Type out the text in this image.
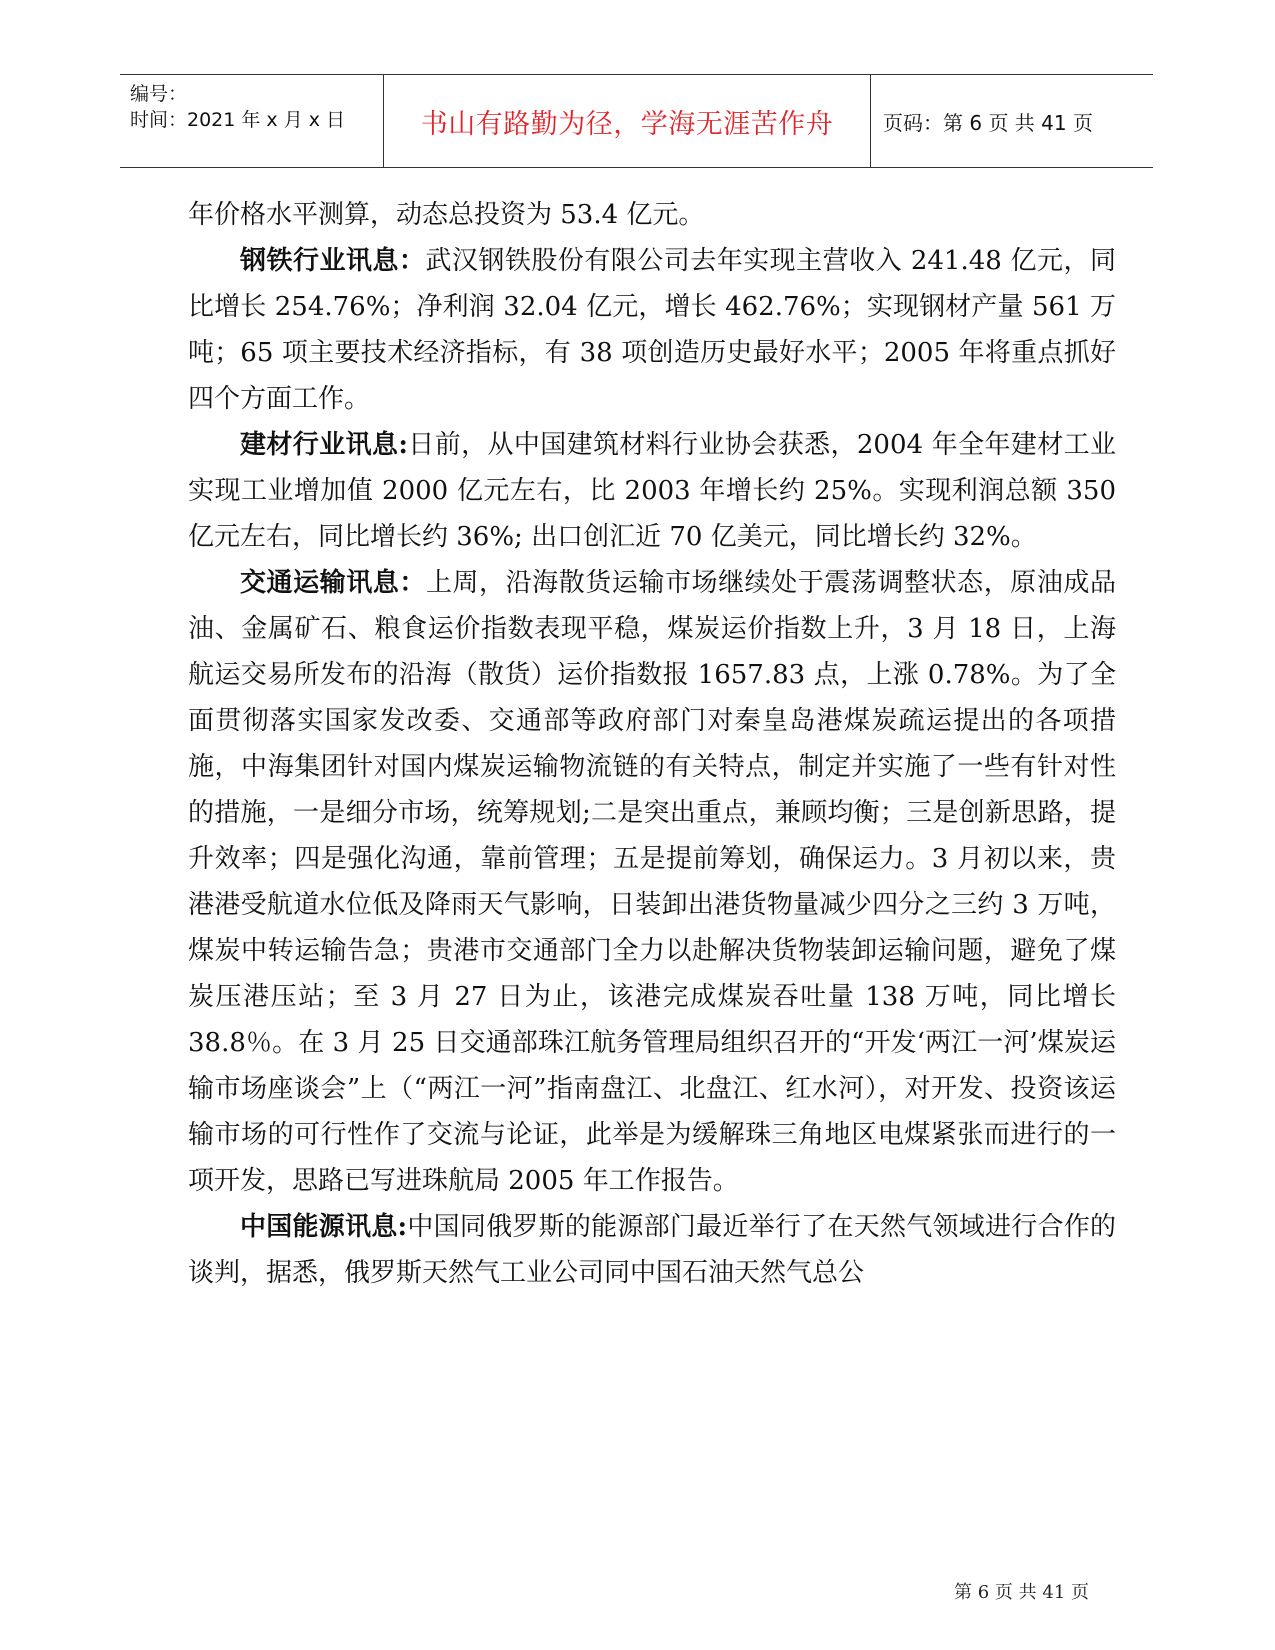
编号：
时间：2021 年 x 月 x 日	书山有路勤为径，学海无涯苦作舟	页码：第 6 页 共 41 页

年价格水平测算，动态总投资为 53.4 亿元。

钢铁行业讯息：武汉钢铁股份有限公司去年实现主营收入 241.48 亿元，同比增长 254.76%；净利润 32.04 亿元，增长 462.76%；实现钢材产量 561 万吨；65 项主要技术经济指标，有 38 项创造历史最好水平；2005 年将重点抓好四个方面工作。

建材行业讯息:日前，从中国建筑材料行业协会获悉，2004 年全年建材工业实现工业增加值 2000 亿元左右，比 2003 年增长约 25%。实现利润总额 350 亿元左右，同比增长约 36%; 出口创汇近 70 亿美元，同比增长约 32%。

交通运输讯息：上周，沿海散货运输市场继续处于震荡调整状态，原油成品油、金属矿石、粮食运价指数表现平稳，煤炭运价指数上升，3 月 18 日，上海航运交易所发布的沿海（散货）运价指数报 1657.83 点，上涨 0.78%。为了全面贯彻落实国家发改委、交通部等政府部门对秦皇岛港煤炭疏运提出的各项措施，中海集团针对国内煤炭运输物流链的有关特点，制定并实施了一些有针对性的措施，一是细分市场，统筹规划;二是突出重点，兼顾均衡；三是创新思路，提升效率；四是强化沟通，靠前管理；五是提前筹划，确保运力。3 月初以来，贵港港受航道水位低及降雨天气影响，日装卸出港货物量减少四分之三约 3 万吨，煤炭中转运输告急；贵港市交通部门全力以赴解决货物装卸运输问题，避免了煤炭压港压站；至 3 月 27 日为止，该港完成煤炭吞吐量 138 万吨，同比增长 38.8％。在 3 月 25 日交通部珠江航务管理局组织召开的“开发‘两江一河’煤炭运输市场座谈会”上（“两江一河”指南盘江、北盘江、红水河），对开发、投资该运输市场的可行性作了交流与论证，此举是为缓解珠三角地区电煤紧张而进行的一项开发，思路已写进珠航局 2005 年工作报告。

中国能源讯息:中国同俄罗斯的能源部门最近举行了在天然气领域进行合作的谈判，据悉，俄罗斯天然气工业公司同中国石油天然气总公

第 6 页 共 41 页
